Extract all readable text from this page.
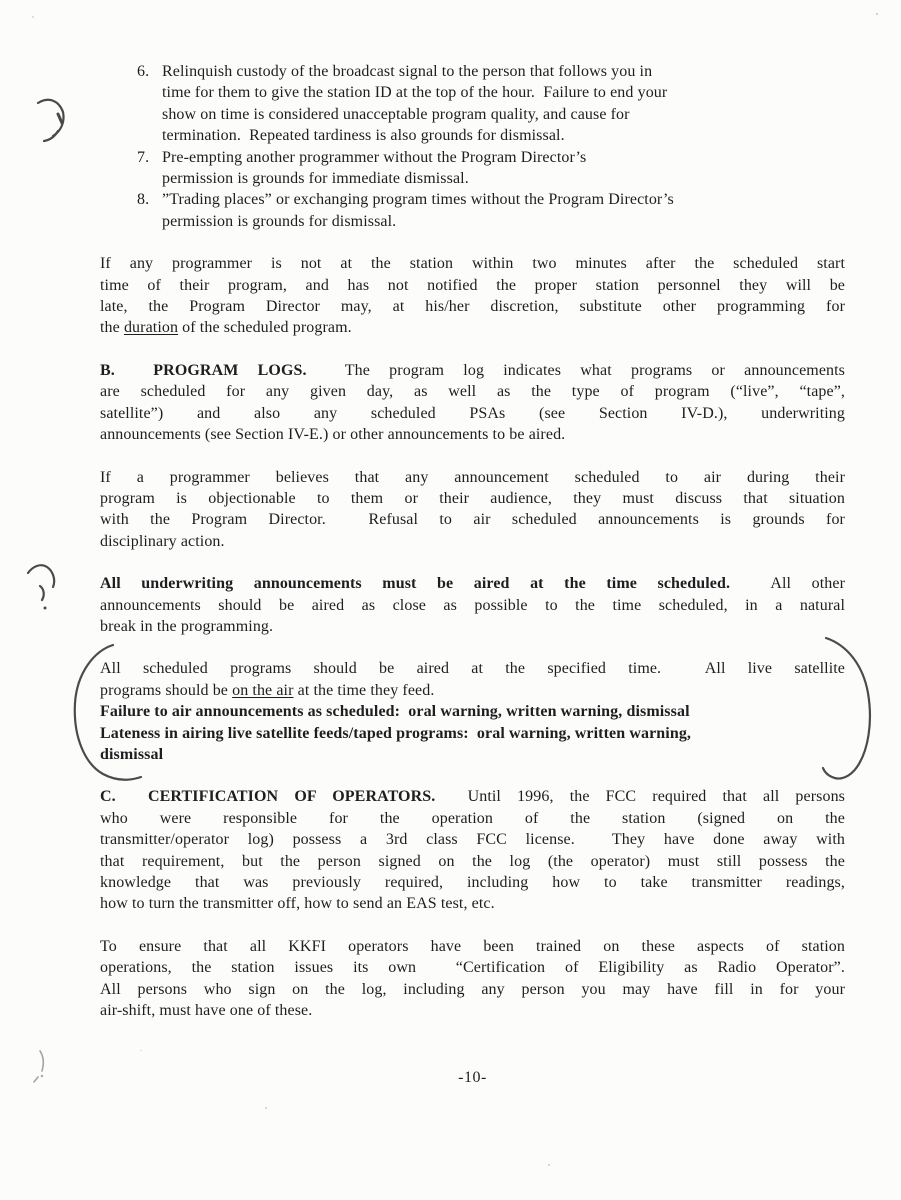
6. Relinquish custody of the broadcast signal to the person that follows you in
time for them to give the station ID at the top of the hour.  Failure to end your
show on time is considered unacceptable program quality, and cause for
termination.  Repeated tardiness is also grounds for dismissal.
7. Pre-empting another programmer without the Program Director’s
permission is grounds for immediate dismissal.
8. ”Trading places” or exchanging program times without the Program Director’s
permission is grounds for dismissal.
If any programmer is not at the station within two minutes after the scheduled start
time of their program, and has not notified the proper station personnel they will be
late, the Program Director may, at his/her discretion, substitute other programming for
the duration of the scheduled program.
B.  PROGRAM LOGS.  The program log indicates what programs or announcements
are scheduled for any given day, as well as the type of program (“live”, “tape”,
satellite”) and also any scheduled PSAs (see Section IV-D.), underwriting
announcements (see Section IV-E.) or other announcements to be aired.
If a programmer believes that any announcement scheduled to air during their
program is objectionable to them or their audience, they must discuss that situation
with the Program Director.  Refusal to air scheduled announcements is grounds for
disciplinary action.
All underwriting announcements must be aired at the time scheduled.  All other
announcements should be aired as close as possible to the time scheduled, in a natural
break in the programming.
All scheduled programs should be aired at the specified time.  All live satellite
programs should be on the air at the time they feed.
Failure to air announcements as scheduled:  oral warning, written warning, dismissal
Lateness in airing live satellite feeds/taped programs:  oral warning, written warning,
dismissal
C.  CERTIFICATION OF OPERATORS.  Until 1996, the FCC required that all persons
who were responsible for the operation of the station (signed on the
transmitter/operator log) possess a 3rd class FCC license.  They have done away with
that requirement, but the person signed on the log (the operator) must still possess the
knowledge that was previously required, including how to take transmitter readings,
how to turn the transmitter off, how to send an EAS test, etc.
To ensure that all KKFI operators have been trained on these aspects of station
operations, the station issues its own  “Certification of Eligibility as Radio Operator”.
All persons who sign on the log, including any person you may have fill in for your
air-shift, must have one of these.
-10-
